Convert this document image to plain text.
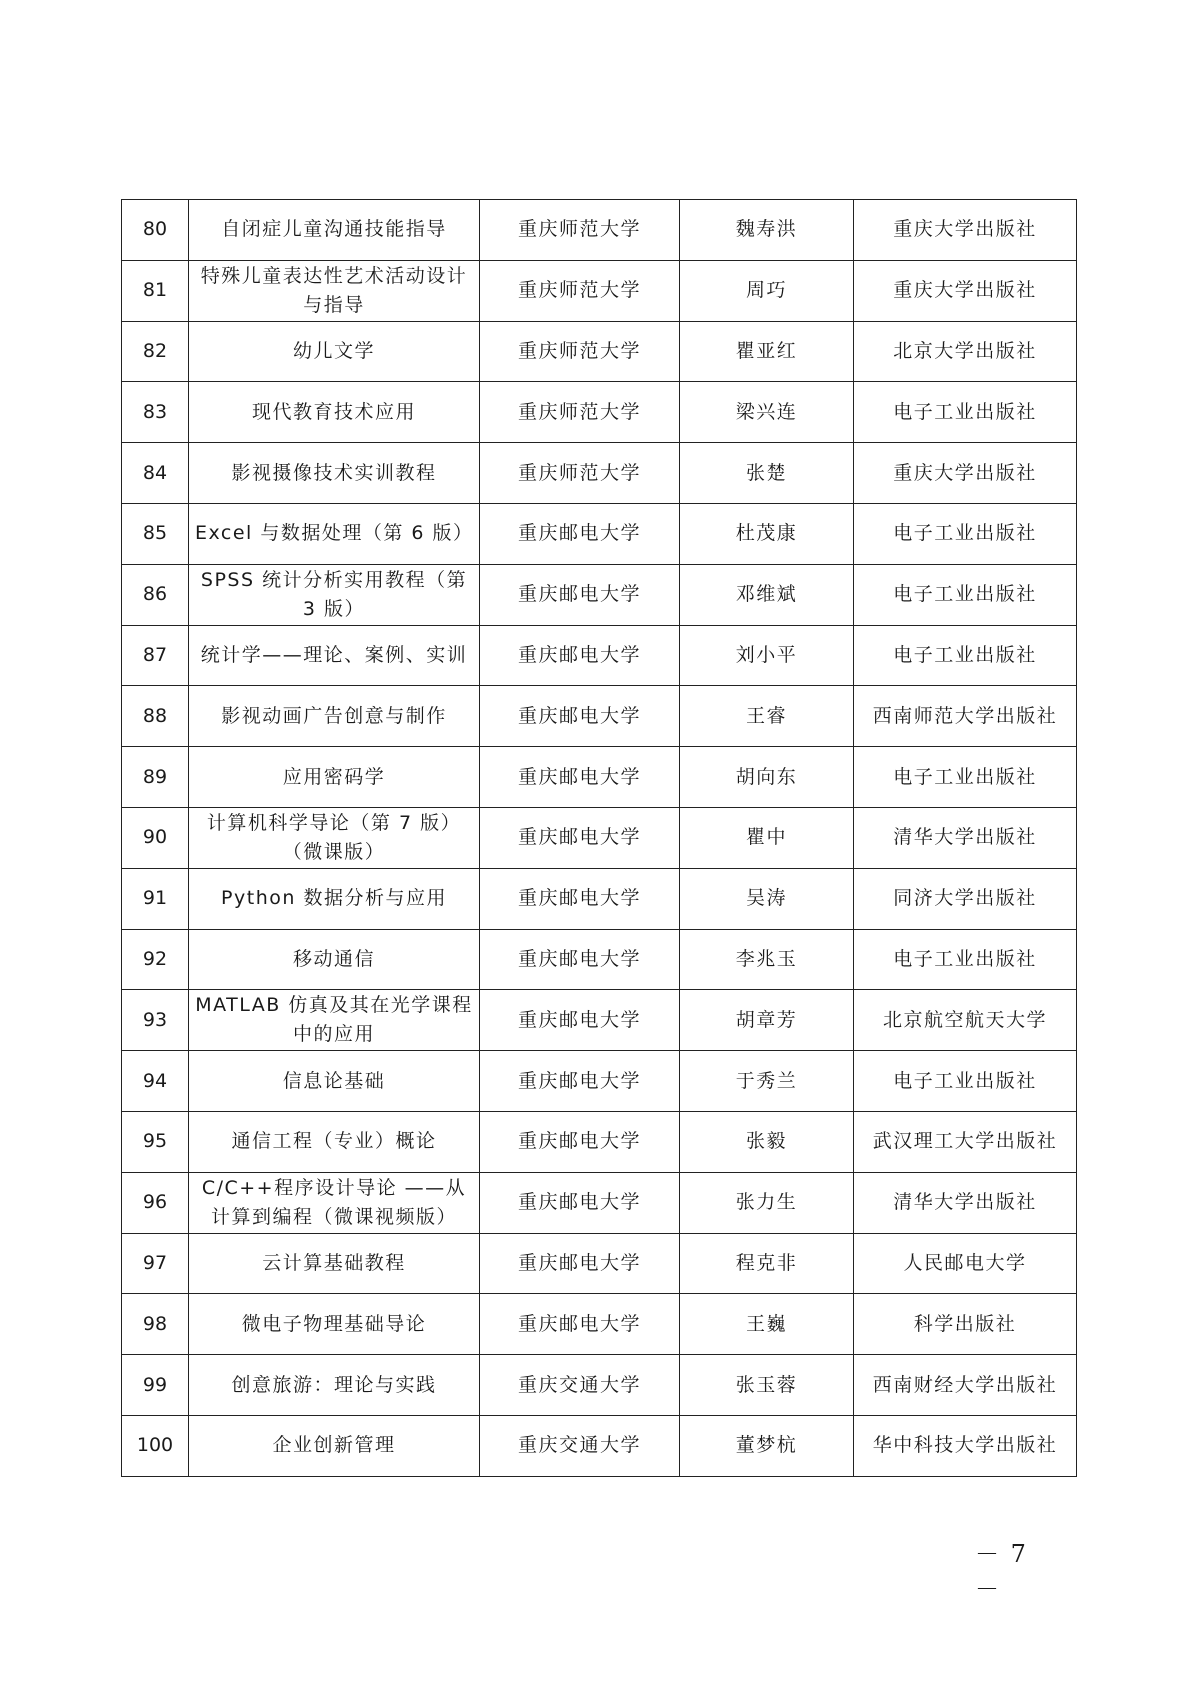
80	自闭症儿童沟通技能指导	重庆师范大学	魏寿洪	重庆大学出版社
81	特殊儿童表达性艺术活动设计与指导	重庆师范大学	周巧	重庆大学出版社
82	幼儿文学	重庆师范大学	瞿亚红	北京大学出版社
83	现代教育技术应用	重庆师范大学	梁兴连	电子工业出版社
84	影视摄像技术实训教程	重庆师范大学	张楚	重庆大学出版社
85	Excel 与数据处理（第 6 版）	重庆邮电大学	杜茂康	电子工业出版社
86	SPSS 统计分析实用教程（第 3 版）	重庆邮电大学	邓维斌	电子工业出版社
87	统计学——理论、案例、实训	重庆邮电大学	刘小平	电子工业出版社
88	影视动画广告创意与制作	重庆邮电大学	王睿	西南师范大学出版社
89	应用密码学	重庆邮电大学	胡向东	电子工业出版社
90	计算机科学导论（第 7 版）（微课版）	重庆邮电大学	瞿中	清华大学出版社
91	Python 数据分析与应用	重庆邮电大学	吴涛	同济大学出版社
92	移动通信	重庆邮电大学	李兆玉	电子工业出版社
93	MATLAB 仿真及其在光学课程中的应用	重庆邮电大学	胡章芳	北京航空航天大学
94	信息论基础	重庆邮电大学	于秀兰	电子工业出版社
95	通信工程（专业）概论	重庆邮电大学	张毅	武汉理工大学出版社
96	C/C++程序设计导论 ——从计算到编程（微课视频版）	重庆邮电大学	张力生	清华大学出版社
97	云计算基础教程	重庆邮电大学	程克非	人民邮电大学
98	微电子物理基础导论	重庆邮电大学	王巍	科学出版社
99	创意旅游：理论与实践	重庆交通大学	张玉蓉	西南财经大学出版社
100	企业创新管理	重庆交通大学	董梦杭	华中科技大学出版社
－ 7 －
